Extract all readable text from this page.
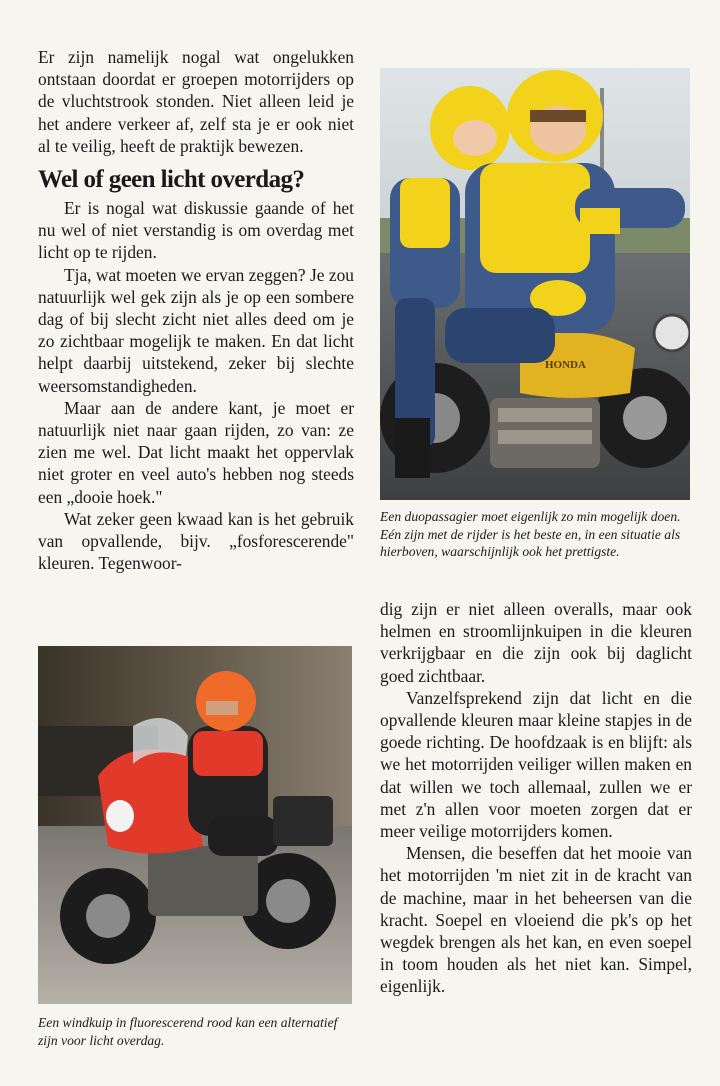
Er zijn namelijk nogal wat ongelukken ontstaan doordat er groepen motorrijders op de vluchtstrook stonden. Niet alleen leid je het andere verkeer af, zelf sta je er ook niet al te veilig, heeft de praktijk bewezen.

Wel of geen licht overdag?

Er is nogal wat diskussie gaande of het nu wel of niet verstandig is om overdag met licht op te rijden.

Tja, wat moeten we ervan zeggen? Je zou natuurlijk wel gek zijn als je op een sombere dag of bij slecht zicht niet alles deed om je zo zichtbaar mogelijk te maken. En dat licht helpt daarbij uitstekend, zeker bij slechte weersomstandigheden.

Maar aan de andere kant, je moet er natuurlijk niet naar gaan rijden, zo van: ze zien me wel. Dat licht maakt het oppervlak niet groter en veel auto's hebben nog steeds een „dooie hoek."

Wat zeker geen kwaad kan is het gebruik van opvallende, bijv. „fosforescerende" kleuren. Tegenwoor-

HONDA
Een duopassagier moet eigenlijk zo min mogelijk doen. Eén zijn met de rijder is het beste en, in een situatie als hierboven, waarschijnlijk ook het prettigste.
Een windkuip in fluorescerend rood kan een alternatief zijn voor licht overdag.

dig zijn er niet alleen overalls, maar ook helmen en stroomlijnkuipen in die kleuren verkrijgbaar en die zijn ook bij daglicht goed zichtbaar.

Vanzelfsprekend zijn dat licht en die opvallende kleuren maar kleine stapjes in de goede richting. De hoofdzaak is en blijft: als we het motorrijden veiliger willen maken en dat willen we toch allemaal, zullen we er met z'n allen voor moeten zorgen dat er meer veilige motorrijders komen.

Mensen, die beseffen dat het mooie van het motorrijden 'm niet zit in de kracht van de machine, maar in het beheersen van die kracht. Soepel en vloeiend die pk's op het wegdek brengen als het kan, en even soepel in toom houden als het niet kan. Simpel, eigenlijk.
